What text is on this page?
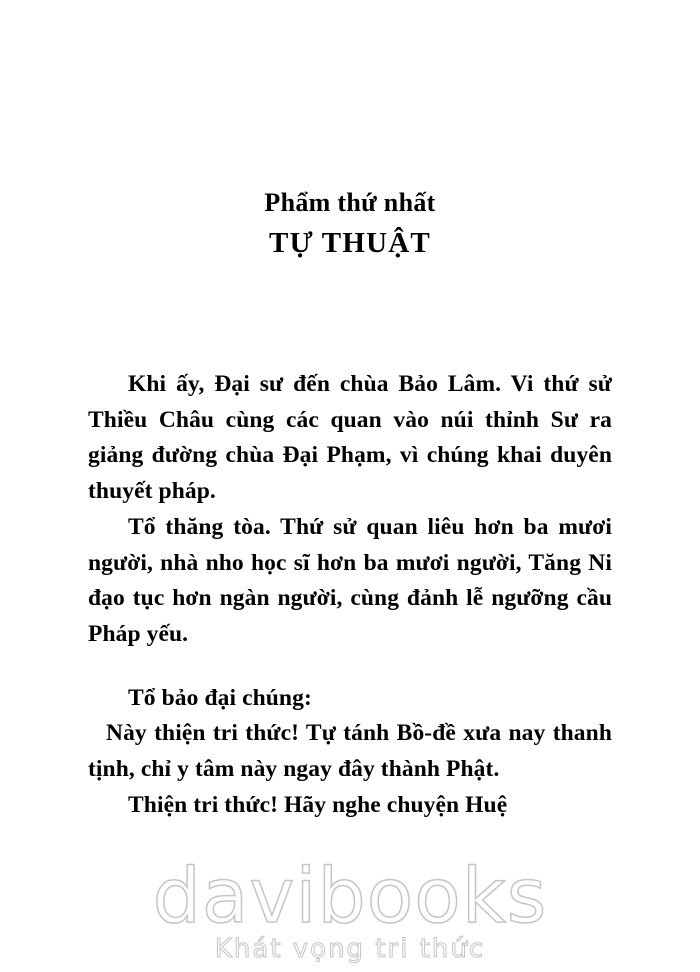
Phẩm thứ nhất
TỰ THUẬT

Khi ấy, Đại sư đến chùa Bảo Lâm. Vi thứ sử Thiều Châu cùng các quan vào núi thỉnh Sư ra giảng đường chùa Đại Phạm, vì chúng khai duyên thuyết pháp.

Tổ thăng tòa. Thứ sử quan liêu hơn ba mươi người, nhà nho học sĩ hơn ba mươi người, Tăng Ni đạo tục hơn ngàn người, cùng đảnh lễ ngưỡng cầu Pháp yếu.

Tổ bảo đại chúng:

Này thiện tri thức! Tự tánh Bồ-đề xưa nay thanh tịnh, chỉ y tâm này ngay đây thành Phật.

Thiện tri thức! Hãy nghe chuyện Huệ

davibooks
Khát vọng tri thức
